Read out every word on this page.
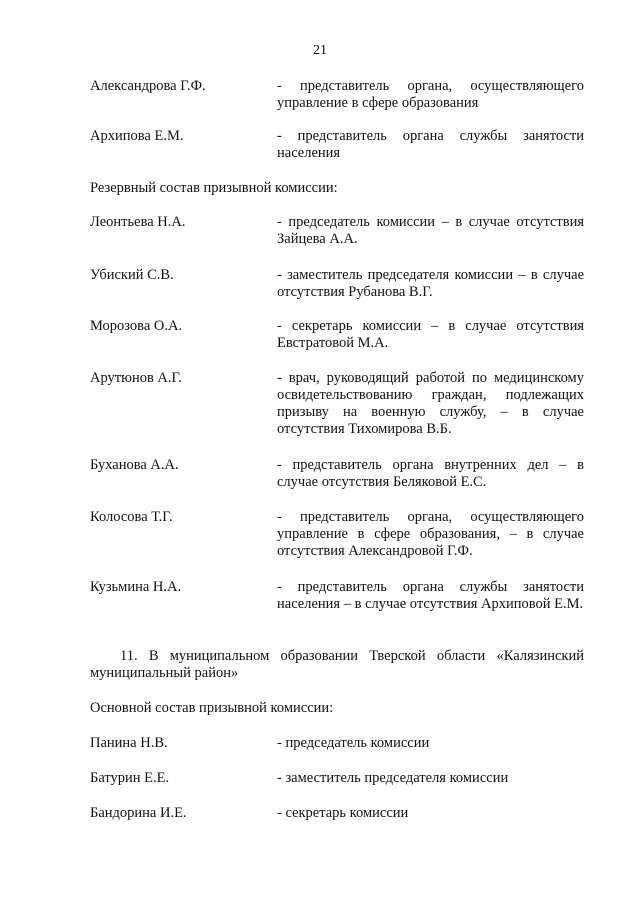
21
Александрова Г.Ф.	- представитель органа, осуществляющего управление в сфере образования
Архипова Е.М.	- представитель органа службы занятости населения
Резервный состав призывной комиссии:
Леонтьева Н.А.	- председатель комиссии – в случае отсутствия Зайцева А.А.
Убиский С.В.	- заместитель председателя комиссии – в случае отсутствия Рубанова В.Г.
Морозова О.А.	- секретарь комиссии – в случае отсутствия Евстратовой М.А.
Арутюнов А.Г.	- врач, руководящий работой по медицинскому освидетельствованию граждан, подлежащих призыву на военную службу, – в случае отсутствия Тихомирова В.Б.
Буханова А.А.	- представитель органа внутренних дел – в случае отсутствия Беляковой Е.С.
Колосова Т.Г.	- представитель органа, осуществляющего управление в сфере образования, – в случае отсутствия Александровой Г.Ф.
Кузьмина Н.А.	- представитель органа службы занятости населения – в случае отсутствия Архиповой Е.М.
11. В муниципальном образовании Тверской области «Калязинский муниципальный район»
Основной состав призывной комиссии:
Панина Н.В.	- председатель комиссии
Батурин Е.Е.	- заместитель председателя комиссии
Бандорина И.Е.	- секретарь комиссии
